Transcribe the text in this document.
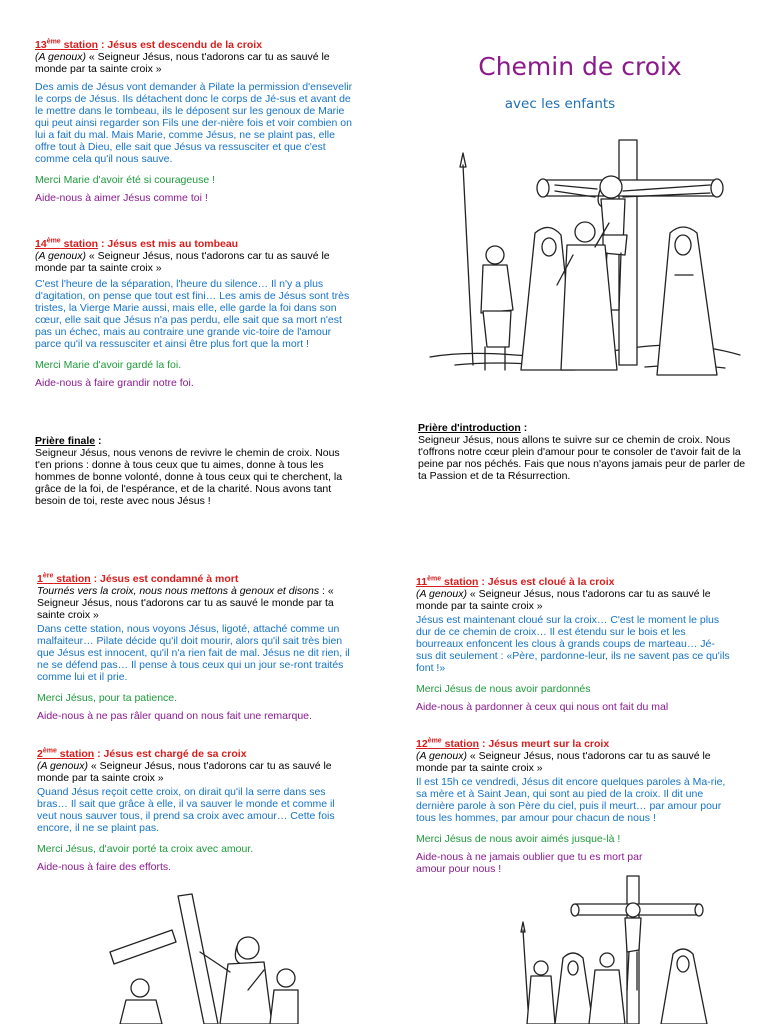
13ème station : Jésus est descendu de la croix

(A genoux) « Seigneur Jésus, nous t'adorons car tu as sauvé le monde par ta sainte croix »

Des amis de Jésus vont demander à Pilate la permission d'ensevelir le corps de Jésus. Ils détachent donc le corps de Jé-sus et avant de le mettre dans le tombeau, ils le déposent sur les genoux de Marie qui peut ainsi regarder son Fils une der-nière fois et voir combien on lui a fait du mal. Mais Marie, comme Jésus, ne se plaint pas, elle offre tout à Dieu, elle sait que Jésus va ressusciter et que c'est comme cela qu'il nous sauve.

Merci Marie d'avoir été si courageuse !

Aide-nous à aimer Jésus comme toi !

14ème station : Jésus est mis au tombeau

(A genoux) « Seigneur Jésus, nous t'adorons car tu as sauvé le monde par ta sainte croix »

C'est l'heure de la séparation, l'heure du silence… Il n'y a plus d'agitation, on pense que tout est fini… Les amis de Jésus sont très tristes, la Vierge Marie aussi, mais elle, elle garde la foi dans son cœur, elle sait que Jésus n'a pas perdu, elle sait que sa mort n'est pas un échec, mais au contraire une grande vic-toire de l'amour parce qu'il va ressusciter et ainsi être plus fort que la mort !

Merci Marie d'avoir gardé la foi.

Aide-nous à faire grandir notre foi.

Prière finale :

Seigneur Jésus, nous venons de revivre le chemin de croix. Nous t'en prions : donne à tous ceux que tu aimes, donne à tous les hommes de bonne volonté, donne à tous ceux qui te cherchent, la grâce de la foi, de l'espérance, et de la charité. Nous avons tant besoin de toi, reste avec nous Jésus !

Chemin de croix
avec les enfants

Prière d'introduction :

Seigneur Jésus, nous allons te suivre sur ce chemin de croix. Nous t'offrons notre cœur plein d'amour pour te consoler de t'avoir fait de la peine par nos péchés. Fais que nous n'ayons jamais peur de parler de ta Passion et de ta Résurrection.

1ère station : Jésus est condamné à mort

Tournés vers la croix, nous nous mettons à genoux et disons : « Seigneur Jésus, nous t'adorons car tu as sauvé le monde par ta sainte croix »

Dans cette station, nous voyons Jésus, ligoté, attaché comme un malfaiteur… Pilate décide qu'il doit mourir, alors qu'il sait très bien que Jésus est innocent, qu'il n'a rien fait de mal. Jésus ne dit rien, il ne se défend pas… Il pense à tous ceux qui un jour se-ront traités comme lui et il prie.

Merci Jésus, pour ta patience.

Aide-nous à ne pas râler quand on nous fait une remarque.

2ème station : Jésus est chargé de sa croix

(A genoux) « Seigneur Jésus, nous t'adorons car tu as sauvé le monde par ta sainte croix »

Quand Jésus reçoit cette croix, on dirait qu'il la serre dans ses bras… Il sait que grâce à elle, il va sauver le monde et comme il veut nous sauver tous, il prend sa croix avec amour… Cette fois encore, il ne se plaint pas.

Merci Jésus, d'avoir porté ta croix avec amour.

Aide-nous à faire des efforts.

11ème station : Jésus est cloué à la croix

(A genoux) « Seigneur Jésus, nous t'adorons car tu as sauvé le monde par ta sainte croix »

Jésus est maintenant cloué sur la croix… C'est le moment le plus dur de ce chemin de croix… Il est étendu sur le bois et les bourreaux enfoncent les clous à grands coups de marteau… Jé-sus dit seulement : «Père, pardonne-leur, ils ne savent pas ce qu'ils font !»

Merci Jésus de nous avoir pardonnés

Aide-nous à pardonner à ceux qui nous ont fait du mal

12ème station : Jésus meurt sur la croix

(A genoux) « Seigneur Jésus, nous t'adorons car tu as sauvé le monde par ta sainte croix »

Il est 15h ce vendredi, Jésus dit encore quelques paroles à Ma-rie, sa mère et à Saint Jean, qui sont au pied de la croix. Il dit une dernière parole à son Père du ciel, puis il meurt… par amour pour tous les hommes, par amour pour chacun de nous !

Merci Jésus de nous avoir aimés jusque-là !

Aide-nous à ne jamais oublier que tu es mort par amour pour nous !
